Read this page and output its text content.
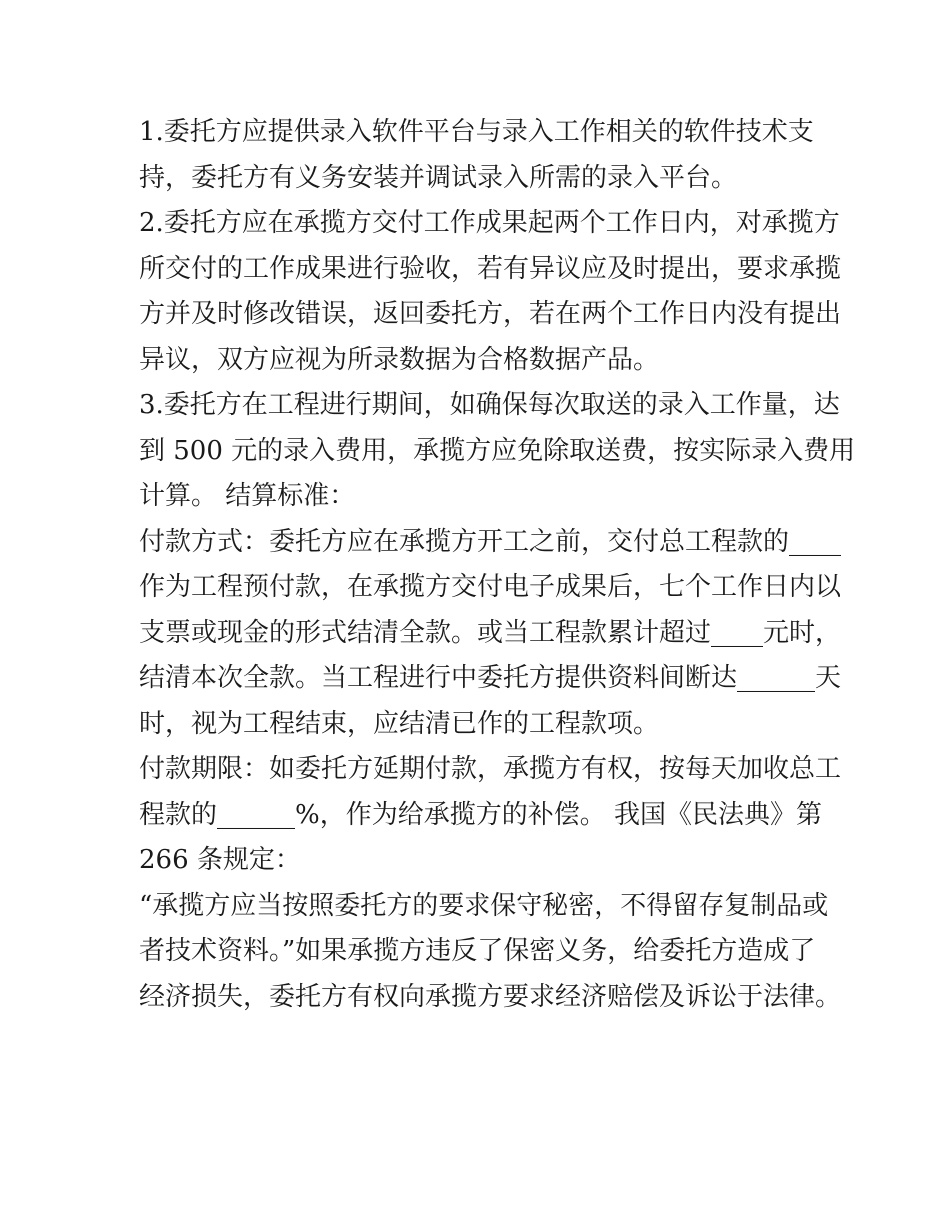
1.委托方应提供录入软件平台与录入工作相关的软件技术支
持，委托方有义务安装并调试录入所需的录入平台。
2.委托方应在承揽方交付工作成果起两个工作日内，对承揽方
所交付的工作成果进行验收，若有异议应及时提出，要求承揽
方并及时修改错误，返回委托方，若在两个工作日内没有提出
异议，双方应视为所录数据为合格数据产品。
3.委托方在工程进行期间，如确保每次取送的录入工作量，达
到 500 元的录入费用，承揽方应免除取送费，按实际录入费用
计算。 结算标准：
付款方式：委托方应在承揽方开工之前，交付总工程款的____
作为工程预付款，在承揽方交付电子成果后，七个工作日内以
支票或现金的形式结清全款。或当工程款累计超过____元时，
结清本次全款。当工程进行中委托方提供资料间断达______天
时，视为工程结束，应结清已作的工程款项。
付款期限：如委托方延期付款，承揽方有权，按每天加收总工
程款的______%，作为给承揽方的补偿。 我国《民法典》第
266 条规定：
“承揽方应当按照委托方的要求保守秘密，不得留存复制品或
者技术资料。”如果承揽方违反了保密义务，给委托方造成了
经济损失，委托方有权向承揽方要求经济赔偿及诉讼于法律。
